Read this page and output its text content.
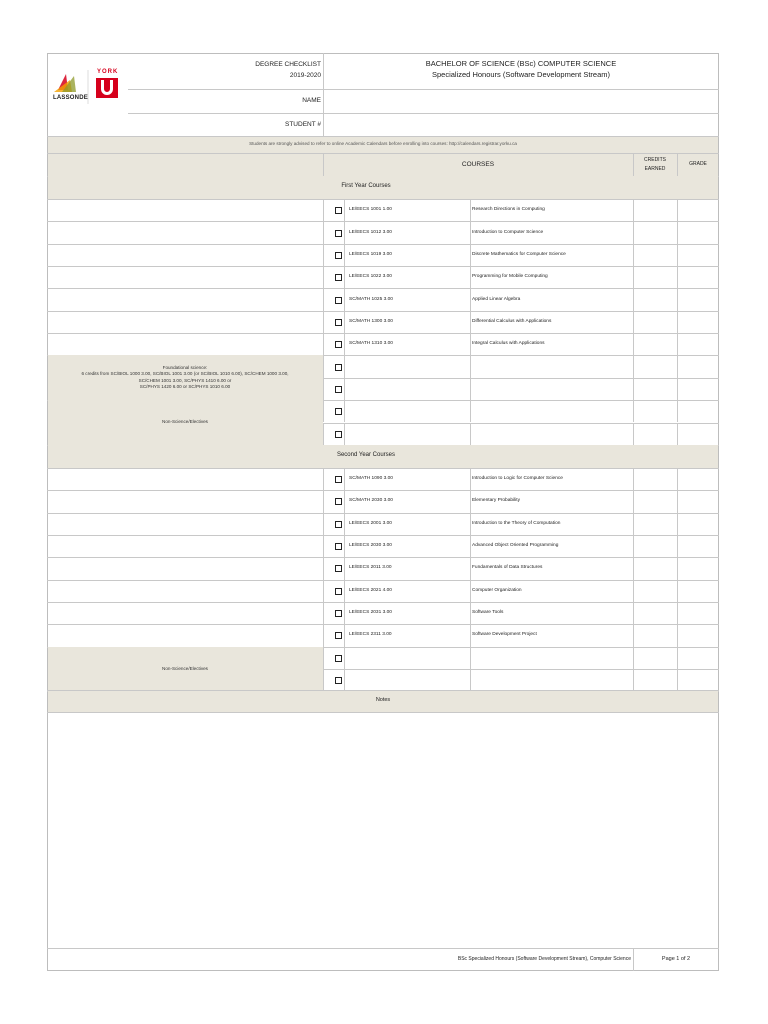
YORK
LASSONDE
DEGREE CHECKLIST
2019-2020
BACHELOR OF SCIENCE (BSc) COMPUTER SCIENCE
Specialized Honours (Software Development Stream)
NAME
STUDENT #
Students are strongly advised to refer to online Academic Calendars before enrolling into courses: http://calendars.registrar.yorku.ca
COURSES
CREDITS EARNED
GRADE
First Year Courses
LE/EECS 1001 1.00	Research Directions in Computing
LE/EECS 1012 3.00	Introduction to Computer Science
LE/EECS 1019 3.00	Discrete Mathematics for Computer Science
LE/EECS 1022 3.00	Programming for Mobile Computing
SC/MATH 1025 3.00	Applied Linear Algebra
SC/MATH 1300 3.00	Differential Calculus with Applications
SC/MATH 1310 3.00	Integral Calculus with Applications
Foundational science:
6 credits from SC/BIOL 1000 3.00, SC/BIOL 1001 3.00 (or SC/BIOL 1010 6.00), SC/CHEM 1000 3.00,
SC/CHEM 1001 3.00, SC/PHYS 1410 6.00 or
SC/PHYS 1420 6.00 or SC/PHYS 1010 6.00
Non-Science/Electives
Second Year Courses
SC/MATH 1090 3.00	Introduction to Logic for Computer Science
SC/MATH 2030 3.00	Elementary Probability
LE/EECS 2001 3.00	Introduction to the Theory of Computation
LE/EECS 2030 3.00	Advanced Object Oriented Programming
LE/EECS 2011 3.00	Fundamentals of Data Structures
LE/EECS 2021 4.00	Computer Organization
LE/EECS 2031 3.00	Software Tools
LE/EECS 2311 3.00	Software Development Project
Non-Science/Electives
Notes
BSc Specialized Honours (Software Development Stream), Computer Science	Page 1 of 2
